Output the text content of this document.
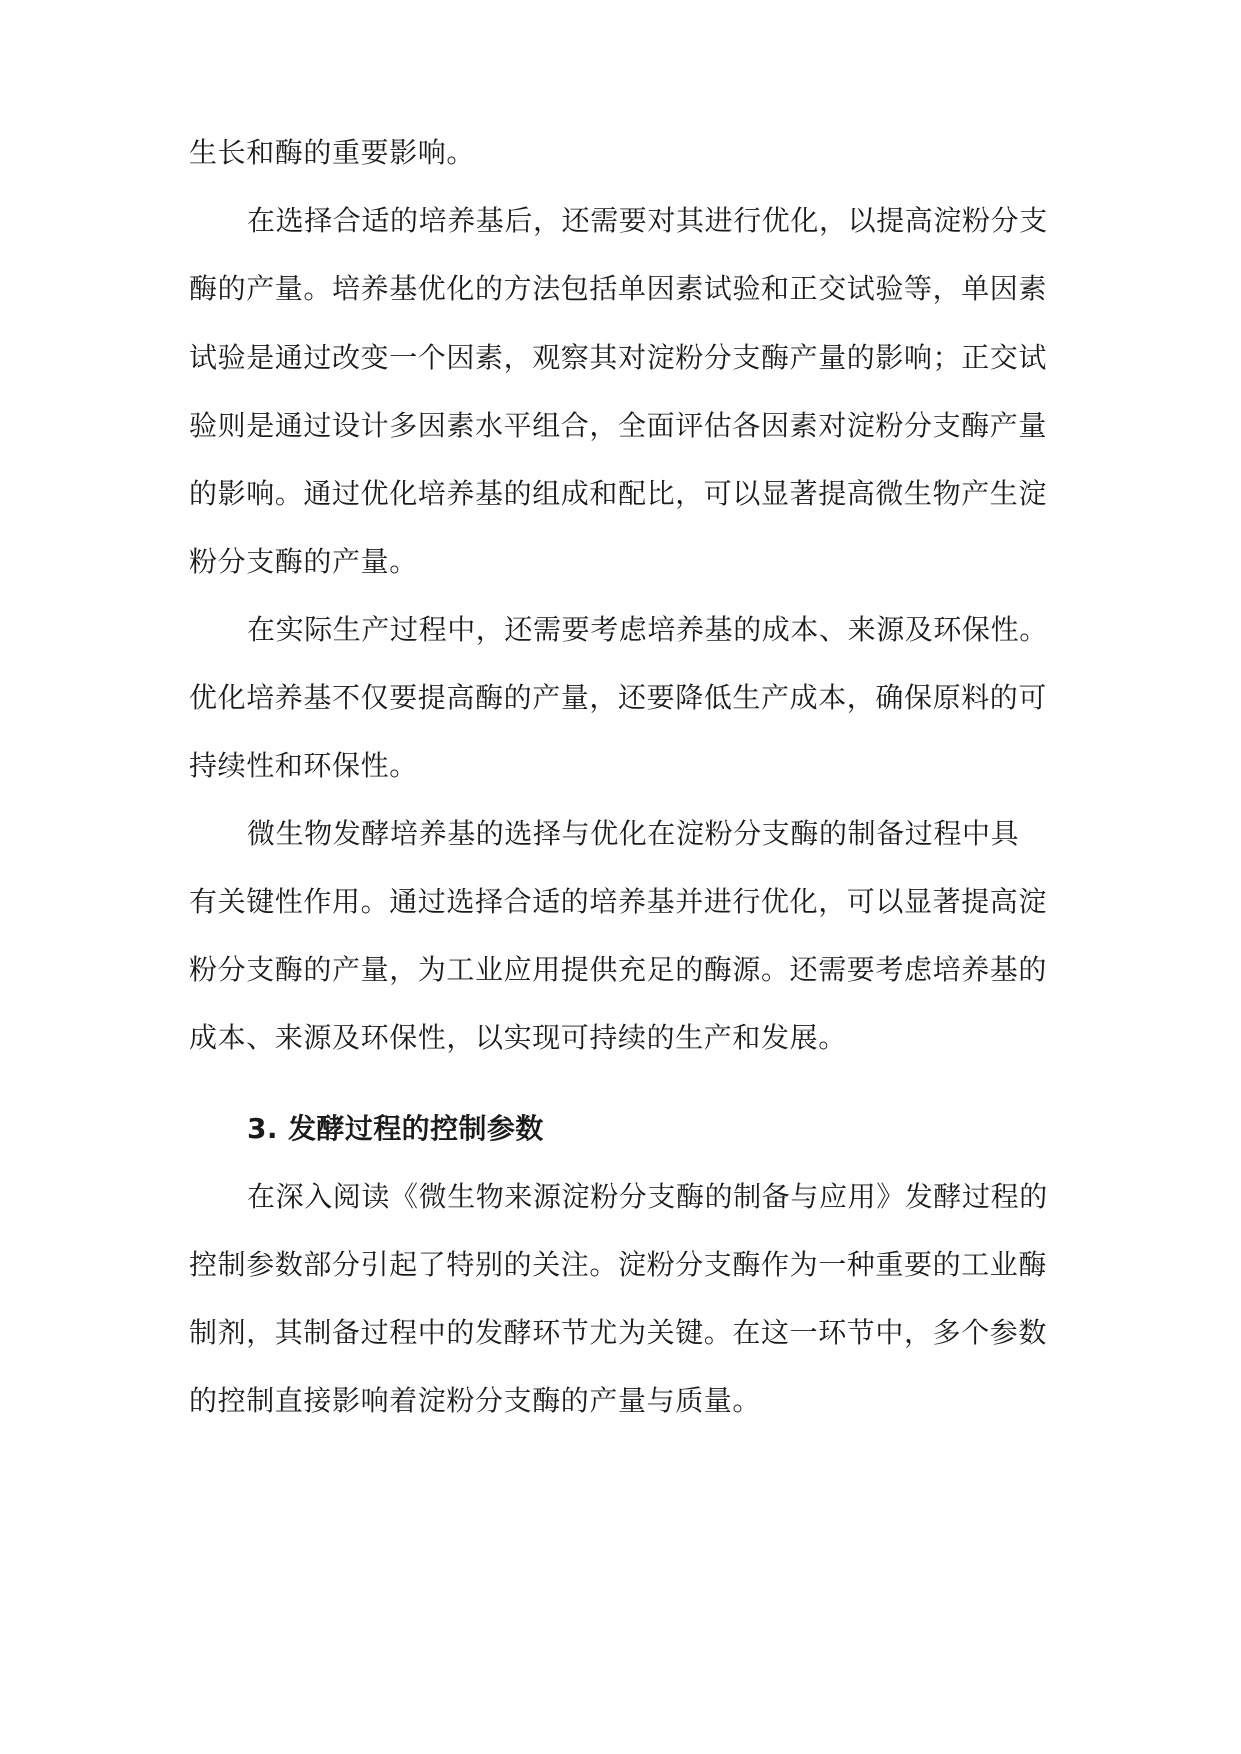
生长和酶的重要影响。
在选择合适的培养基后，还需要对其进行优化，以提高淀粉分支
酶的产量。培养基优化的方法包括单因素试验和正交试验等，单因素
试验是通过改变一个因素，观察其对淀粉分支酶产量的影响；正交试
验则是通过设计多因素水平组合，全面评估各因素对淀粉分支酶产量
的影响。通过优化培养基的组成和配比，可以显著提高微生物产生淀
粉分支酶的产量。
在实际生产过程中，还需要考虑培养基的成本、来源及环保性。
优化培养基不仅要提高酶的产量，还要降低生产成本，确保原料的可
持续性和环保性。
微生物发酵培养基的选择与优化在淀粉分支酶的制备过程中具
有关键性作用。通过选择合适的培养基并进行优化，可以显著提高淀
粉分支酶的产量，为工业应用提供充足的酶源。还需要考虑培养基的
成本、来源及环保性，以实现可持续的生产和发展。
3. 发酵过程的控制参数
在深入阅读《微生物来源淀粉分支酶的制备与应用》发酵过程的
控制参数部分引起了特别的关注。淀粉分支酶作为一种重要的工业酶
制剂，其制备过程中的发酵环节尤为关键。在这一环节中，多个参数
的控制直接影响着淀粉分支酶的产量与质量。
